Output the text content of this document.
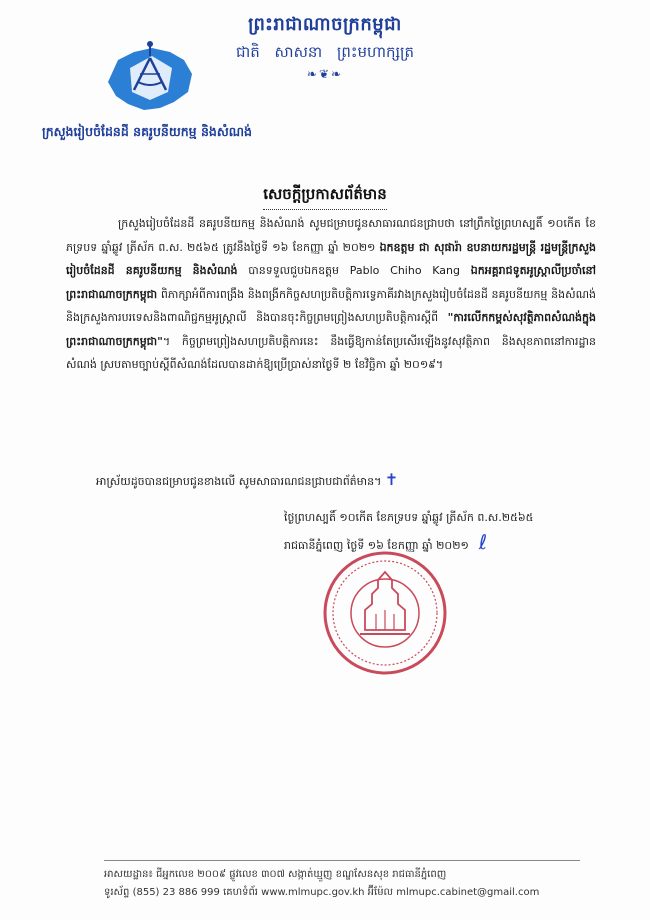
ព្រះរាជាណាចក្រកម្ពុជា
ជាតិ សាសនា ព្រះមហាក្សត្រ
❧❦❧
ក្រសួងរៀបចំដែនដី នគរូបនីយកម្ម និងសំណង់
សេចក្តីប្រកាសព័ត៌មាន

ក្រសួងរៀបចំដែនដី នគរូបនីយកម្ម និងសំណង់ សូមជម្រាបជូនសាធារណជនជ្រាបថា នៅព្រឹកថ្ងៃព្រហស្បតិ៍ ១០កើត ខែភទ្របទ ឆ្នាំឆ្លូវ ត្រីស័ក ព.ស. ២៥៦៥ ត្រូវនឹងថ្ងៃទី ១៦ ខែកញ្ញា ឆ្នាំ ២០២១ ឯកឧត្តម ជា សុផារ៉ា ឧបនាយករដ្ឋមន្ត្រី រដ្ឋមន្ត្រីក្រសួងរៀបចំដែនដី នគរូបនីយកម្ម និងសំណង់ បានទទួលជួបឯកឧត្តម Pablo Chiho Kang ឯកអគ្គរាជទូតអូស្ត្រាលីប្រចាំនៅព្រះរាជាណាចក្រកម្ពុជា ពិភាក្សាអំពីការពង្រឹង និងពង្រីកកិច្ចសហប្រតិបត្តិការទ្វេភាគីរវាងក្រសួងរៀបចំដែនដី នគរូបនីយកម្ម និងសំណង់ និងក្រសួងការបរទេសនិងពាណិជ្ជកម្មអូស្ត្រាលី និងបានចុះកិច្ចព្រមព្រៀងសហប្រតិបត្តិការស្តីពី "ការលើកកម្ពស់សុវត្ថិភាពសំណង់ក្នុងព្រះរាជាណាចក្រកម្ពុជា"។ កិច្ចព្រមព្រៀងសហប្រតិបត្តិការនេះ នឹងធ្វើឱ្យកាន់តែប្រសើរឡើងនូវសុវត្ថិភាព និងសុខភាពនៅការដ្ឋានសំណង់ ស្របតាមច្បាប់ស្តីពីសំណង់ដែលបានដាក់ឱ្យប្រើប្រាស់នាថ្ងៃទី ២ ខែវិច្ឆិកា ឆ្នាំ ២០១៩។

អាស្រ័យដូចបានជម្រាបជូនខាងលើ សូមសាធារណជនជ្រាបជាព័ត៌មាន។ ✝
ថ្ងៃព្រហស្បតិ៍ ១០កើត ខែភទ្របទ ឆ្នាំឆ្លូវ ត្រីស័ក ព.ស.២៥៦៥
រាជធានីភ្នំពេញ ថ្ងៃទី ១៦ ខែកញ្ញា ឆ្នាំ ២០២១ ℓ
អាសយដ្ឋាន៖ ជីអ្នកលេខ ២០០៩ ផ្លូវលេខ ៣០៧ សង្កាត់ឃ្មួញ ខណ្ឌសែនសុខ រាជធានីភ្នំពេញ
ទូរស័ព្ទ (855) 23 886 999 គេហទំព័រ www.mlmupc.gov.kh អ៊ីម៉ែល mlmupc.cabinet@gmail.com
